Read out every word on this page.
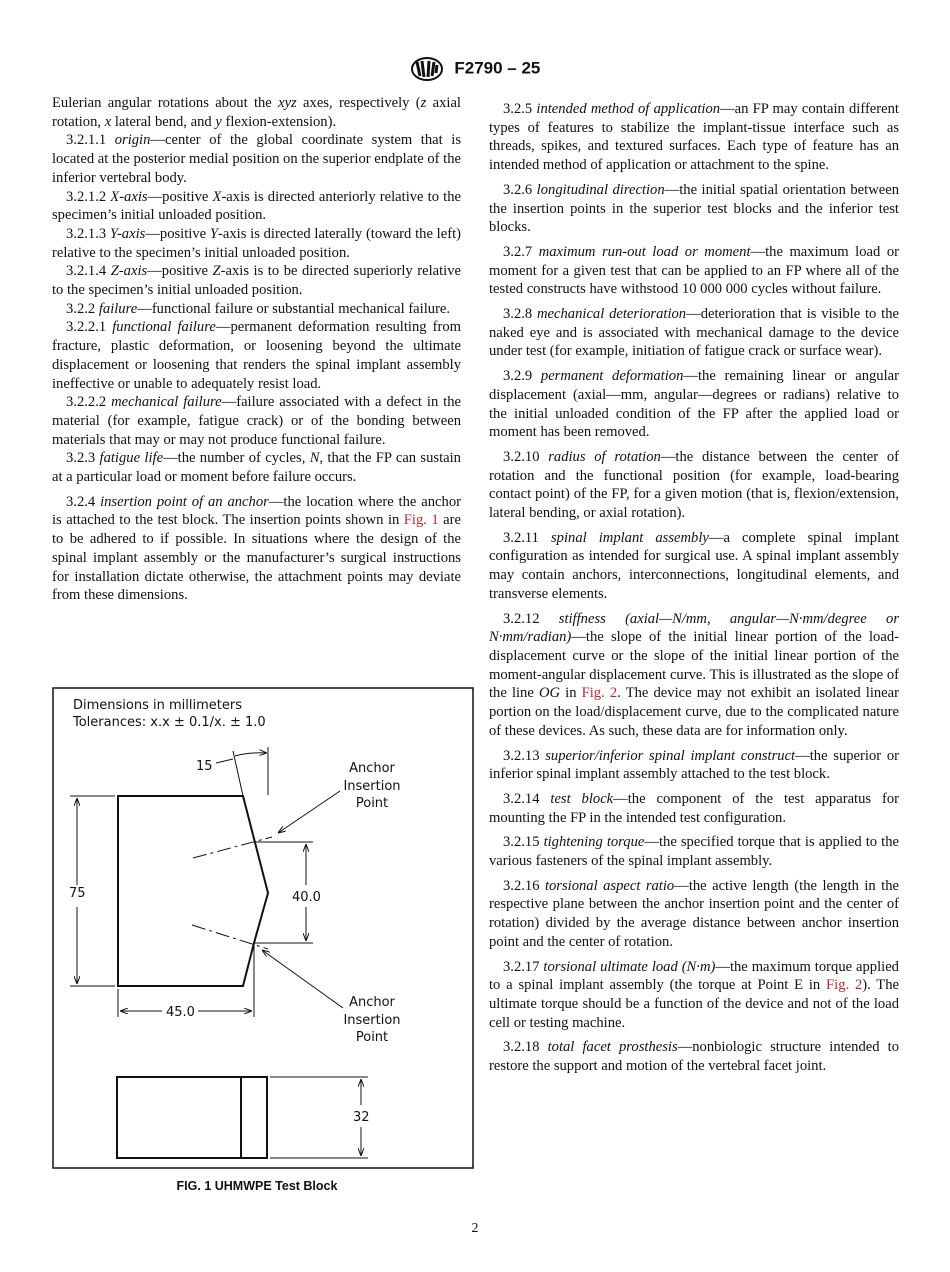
F2790 – 25

Eulerian angular rotations about the xyz axes, respectively (z axial rotation, x lateral bend, and y flexion-extension).

3.2.1.1 origin—center of the global coordinate system that is located at the posterior medial position on the superior endplate of the inferior vertebral body.

3.2.1.2 X-axis—positive X-axis is directed anteriorly relative to the specimen’s initial unloaded position.

3.2.1.3 Y-axis—positive Y-axis is directed laterally (toward the left) relative to the specimen’s initial unloaded position.

3.2.1.4 Z-axis—positive Z-axis is to be directed superiorly relative to the specimen’s initial unloaded position.

3.2.2 failure—functional failure or substantial mechanical failure.

3.2.2.1 functional failure—permanent deformation resulting from fracture, plastic deformation, or loosening beyond the ultimate displacement or loosening that renders the spinal implant assembly ineffective or unable to adequately resist load.

3.2.2.2 mechanical failure—failure associated with a defect in the material (for example, fatigue crack) or of the bonding between materials that may or may not produce functional failure.

3.2.3 fatigue life—the number of cycles, N, that the FP can sustain at a particular load or moment before failure occurs.

3.2.4 insertion point of an anchor—the location where the anchor is attached to the test block. The insertion points shown in Fig. 1 are to be adhered to if possible. In situations where the design of the spinal implant assembly or the manufacturer’s surgical instructions for installation dictate otherwise, the attachment points may deviate from these dimensions.

3.2.5 intended method of application—an FP may contain different types of features to stabilize the implant-tissue interface such as threads, spikes, and textured surfaces. Each type of feature has an intended method of application or attachment to the spine.

3.2.6 longitudinal direction—the initial spatial orientation between the insertion points in the superior test blocks and the inferior test blocks.

3.2.7 maximum run-out load or moment—the maximum load or moment for a given test that can be applied to an FP where all of the tested constructs have withstood 10 000 000 cycles without failure.

3.2.8 mechanical deterioration—deterioration that is visible to the naked eye and is associated with mechanical damage to the device under test (for example, initiation of fatigue crack or surface wear).

3.2.9 permanent deformation—the remaining linear or angular displacement (axial—mm, angular—degrees or radians) relative to the initial unloaded condition of the FP after the applied load or moment has been removed.

3.2.10 radius of rotation—the distance between the center of rotation and the functional position (for example, load-bearing contact point) of the FP, for a given motion (that is, flexion/extension, lateral bending, or axial rotation).

3.2.11 spinal implant assembly—a complete spinal implant configuration as intended for surgical use. A spinal implant assembly may contain anchors, interconnections, longitudinal elements, and transverse elements.

3.2.12 stiffness (axial—N/mm, angular—N·mm/degree or N·mm/radian)—the slope of the initial linear portion of the load-displacement curve or the slope of the initial linear portion of the moment-angular displacement curve. This is illustrated as the slope of the line OG in Fig. 2. The device may not exhibit an isolated linear portion on the load/displacement curve, due to the complicated nature of these devices. As such, these data are for information only.

3.2.13 superior/inferior spinal implant construct—the superior or inferior spinal implant assembly attached to the test block.

3.2.14 test block—the component of the test apparatus for mounting the FP in the intended test configuration.

3.2.15 tightening torque—the specified torque that is applied to the various fasteners of the spinal implant assembly.

3.2.16 torsional aspect ratio—the active length (the length in the respective plane between the anchor insertion point and the center of rotation) divided by the average distance between anchor insertion point and the center of rotation.

3.2.17 torsional ultimate load (N·m)—the maximum torque applied to a spinal implant assembly (the torque at Point E in Fig. 2). The ultimate torque should be a function of the device and not of the load cell or testing machine.

3.2.18 total facet prosthesis—nonbiologic structure intended to restore the support and motion of the vertebral facet joint.

Dimensions in millimeters
Tolerances: x.x ± 0.1/x. ± 1.0
15
75	40.0
45.0
Anchor
Insertion
Point
Anchor
Insertion
Point
32
FIG. 1 UHMWPE Test Block
2
